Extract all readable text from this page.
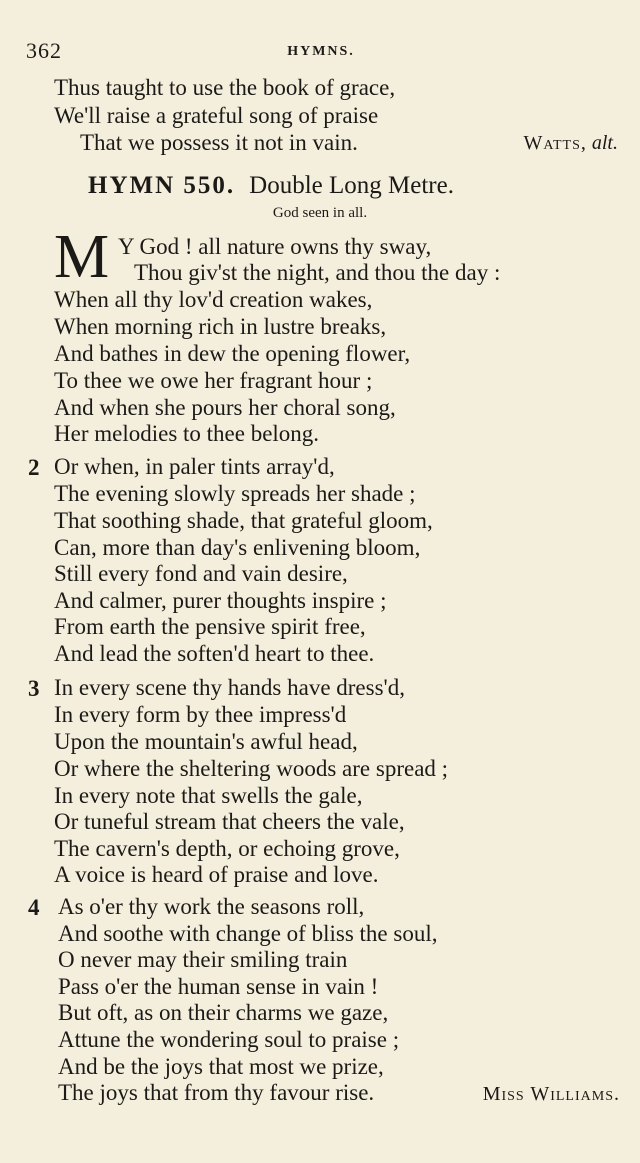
362	HYMNS.
Thus taught to use the book of grace,
We'll raise a grateful song of praise
That we possess it not in vain.	Watts, alt.
HYMN 550. Double Long Metre.
God seen in all.
M Y God ! all nature owns thy sway,
Thou giv'st the night, and thou the day :
When all thy lov'd creation wakes,
When morning rich in lustre breaks,
And bathes in dew the opening flower,
To thee we owe her fragrant hour ;
And when she pours her choral song,
Her melodies to thee belong.
2 Or when, in paler tints array'd,
The evening slowly spreads her shade ;
That soothing shade, that grateful gloom,
Can, more than day's enlivening bloom,
Still every fond and vain desire,
And calmer, purer thoughts inspire ;
From earth the pensive spirit free,
And lead the soften'd heart to thee.
3 In every scene thy hands have dress'd,
In every form by thee impress'd
Upon the mountain's awful head,
Or where the sheltering woods are spread ;
In every note that swells the gale,
Or tuneful stream that cheers the vale,
The cavern's depth, or echoing grove,
A voice is heard of praise and love.
4 As o'er thy work the seasons roll,
And soothe with change of bliss the soul,
O never may their smiling train
Pass o'er the human sense in vain !
But oft, as on their charms we gaze,
Attune the wondering soul to praise ;
And be the joys that most we prize,
The joys that from thy favour rise.	Miss Williams.
